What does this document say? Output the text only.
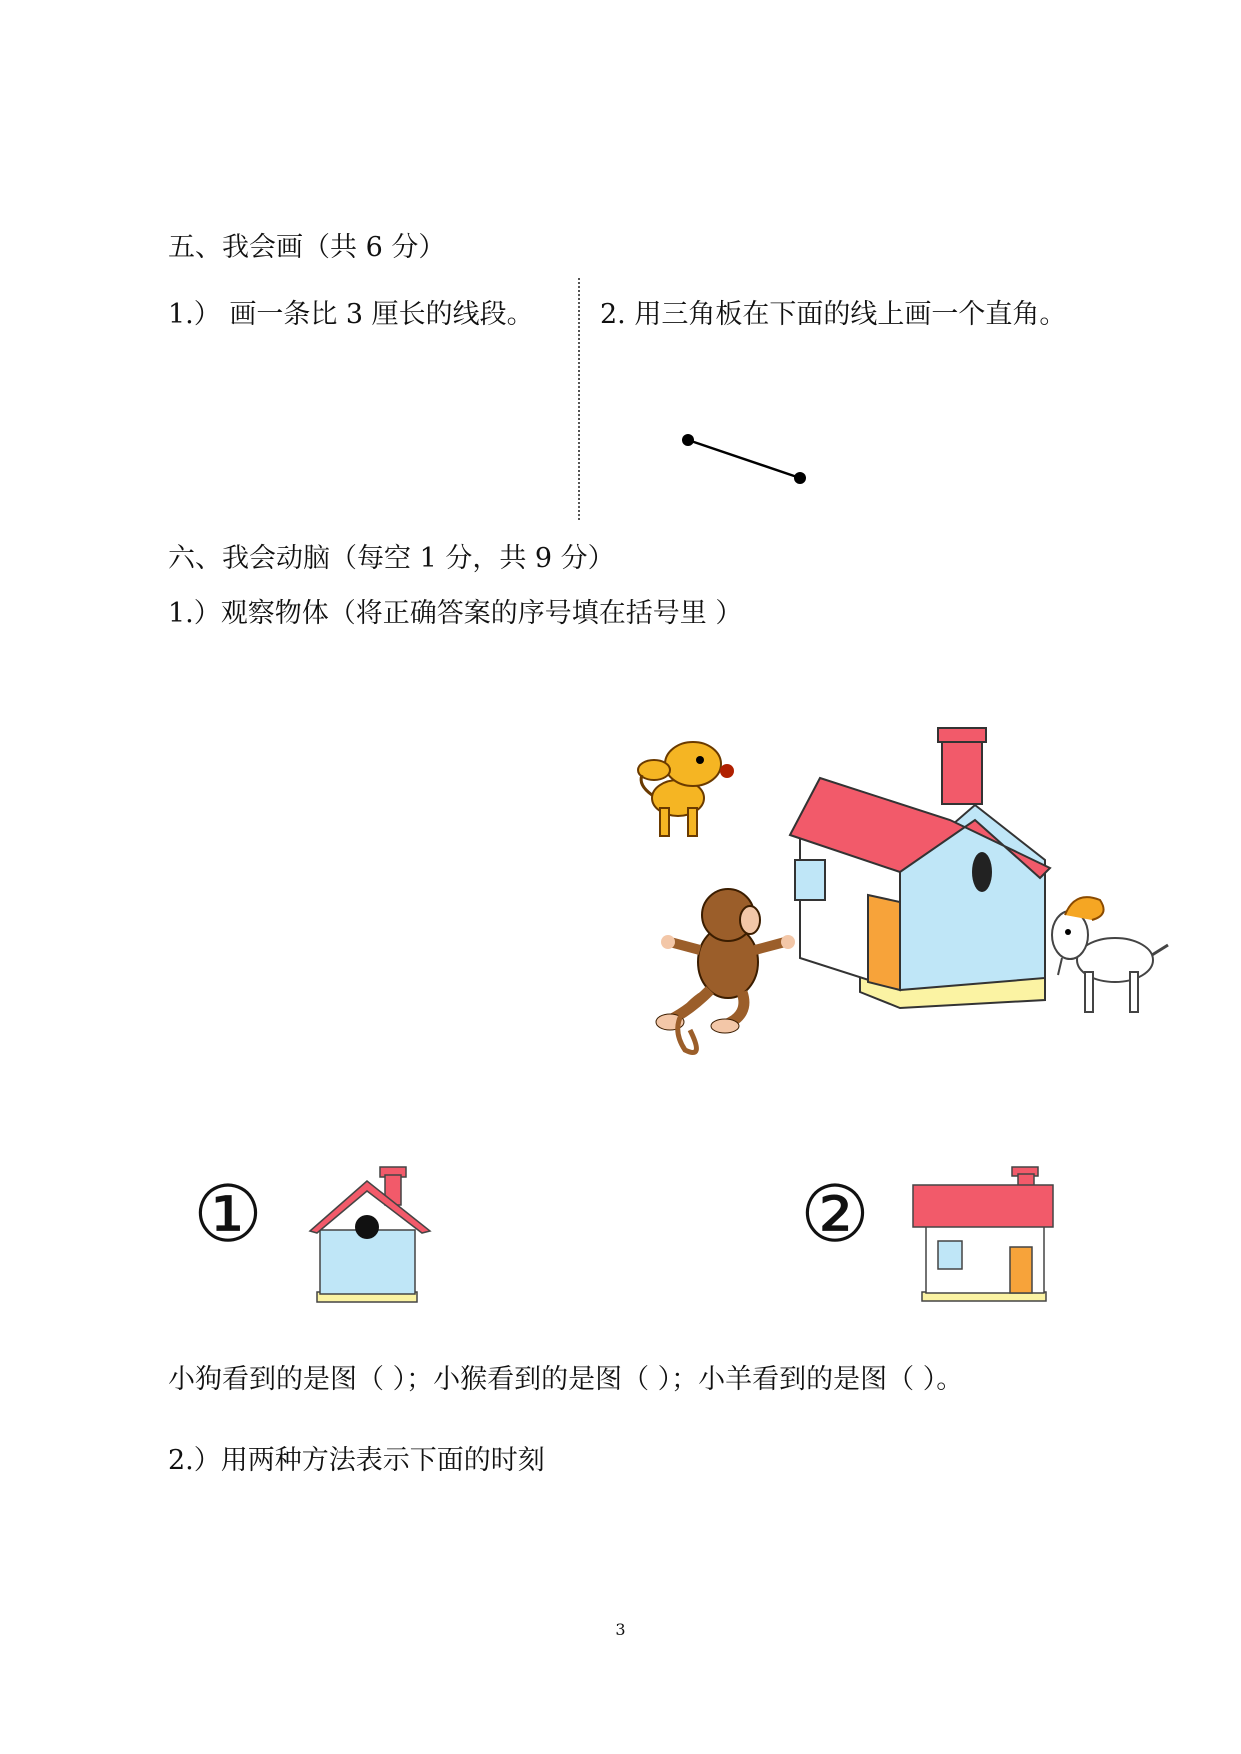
五、我会画（共 6 分）

1.） 画一条比 3 厘长的线段。 2. 用三角板在下面的线上画一个直角。

六、我会动脑（每空 1 分，共 9 分）

1.）观察物体（将正确答案的序号填在括号里 ）

①	②

小狗看到的是图（ ）；小猴看到的是图（ ）；小羊看到的是图（ ）。

2.）用两种方法表示下面的时刻

3
